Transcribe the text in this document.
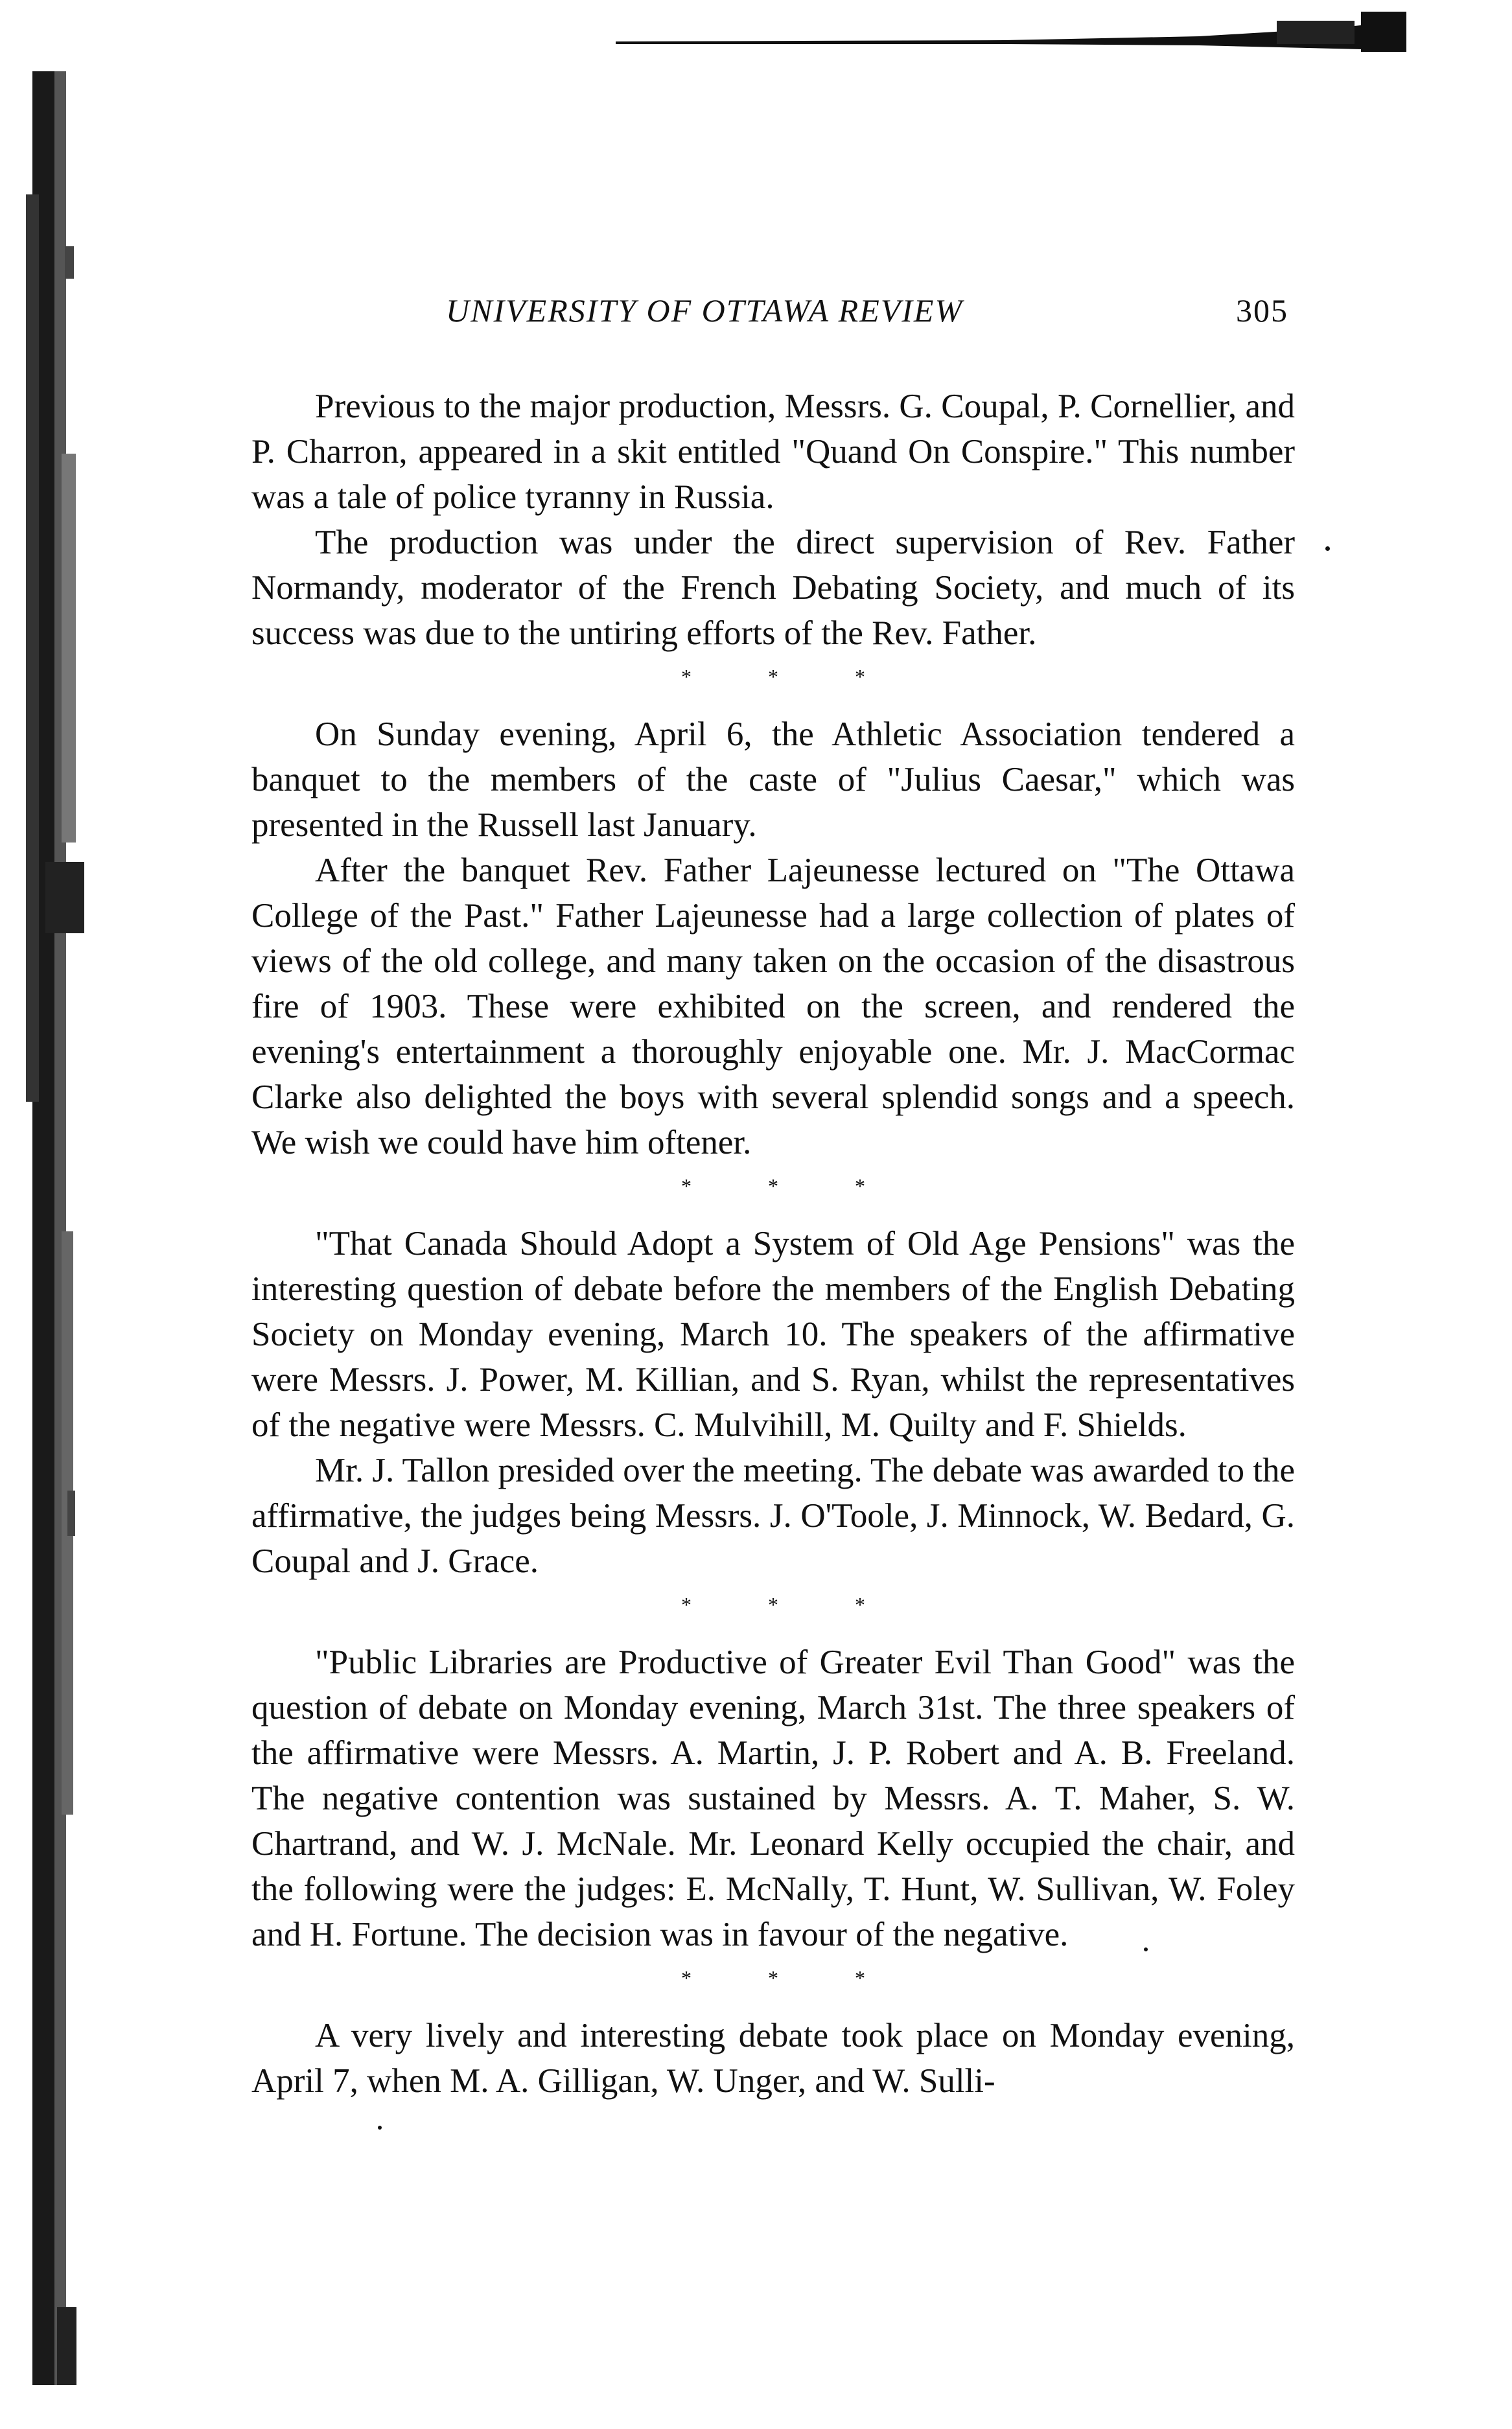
UNIVERSITY OF OTTAWA REVIEW	305

Previous to the major production, Messrs. G. Coupal, P. Cornellier, and P. Charron, appeared in a skit entitled "Quand On Conspire." This number was a tale of police tyranny in Russia.

The production was under the direct supervision of Rev. Father Normandy, moderator of the French Debating Society, and much of its success was due to the untiring efforts of the Rev. Father.

* * *

On Sunday evening, April 6, the Athletic Association tendered a banquet to the members of the caste of "Julius Caesar," which was presented in the Russell last January.

After the banquet Rev. Father Lajeunesse lectured on "The Ottawa College of the Past." Father Lajeunesse had a large collection of plates of views of the old college, and many taken on the occasion of the disastrous fire of 1903. These were exhibited on the screen, and rendered the evening's entertainment a thoroughly enjoyable one. Mr. J. MacCormac Clarke also delighted the boys with several splendid songs and a speech. We wish we could have him oftener.

* * *

"That Canada Should Adopt a System of Old Age Pensions" was the interesting question of debate before the members of the English Debating Society on Monday evening, March 10. The speakers of the affirmative were Messrs. J. Power, M. Killian, and S. Ryan, whilst the representatives of the negative were Messrs. C. Mulvihill, M. Quilty and F. Shields.

Mr. J. Tallon presided over the meeting. The debate was awarded to the affirmative, the judges being Messrs. J. O'Toole, J. Minnock, W. Bedard, G. Coupal and J. Grace.

* * *

"Public Libraries are Productive of Greater Evil Than Good" was the question of debate on Monday evening, March 31st. The three speakers of the affirmative were Messrs. A. Martin, J. P. Robert and A. B. Freeland. The negative contention was sustained by Messrs. A. T. Maher, S. W. Chartrand, and W. J. McNale. Mr. Leonard Kelly occupied the chair, and the following were the judges: E. McNally, T. Hunt, W. Sullivan, W. Foley and H. Fortune. The decision was in favour of the negative.

* * *

A very lively and interesting debate took place on Monday evening, April 7, when M. A. Gilligan, W. Unger, and W. Sulli-
